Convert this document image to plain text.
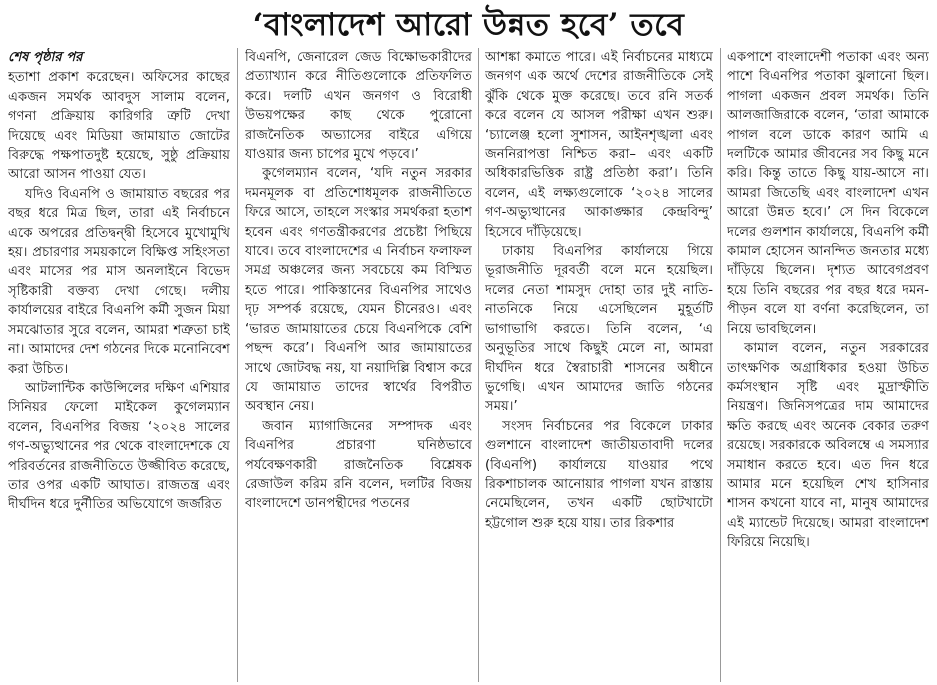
‘বাংলাদেশ আরো উন্নত হবে’ তবে

শেষ পৃষ্ঠার পর

হতাশা প্রকাশ করেছেন। অফিসের কাছের একজন সমর্থক আবদুস সালাম বলেন, গণনা প্রক্রিয়ায় কারিগরি ত্রুটি দেখা দিয়েছে এবং মিডিয়া জামায়াত জোটের বিরুদ্ধে পক্ষপাতদুষ্ট হয়েছে, সুষ্ঠু প্রক্রিয়ায় আরো আসন পাওয়া যেত।

যদিও বিএনপি ও জামায়াত বছরের পর বছর ধরে মিত্র ছিল, তারা এই নির্বাচনে একে অপরের প্রতিদ্বন্দ্বী হিসেবে মুখোমুখি হয়। প্রচারণার সময়কালে বিক্ষিপ্ত সহিংসতা এবং মাসের পর মাস অনলাইনে বিভেদ সৃষ্টিকারী বক্তব্য দেখা গেছে। দলীয় কার্যালয়ের বাইরে বিএনপি কর্মী সুজন মিয়া সমঝোতার সুরে বলেন, আমরা শত্রুতা চাই না। আমাদের দেশ গঠনের দিকে মনোনিবেশ করা উচিত।

আটলান্টিক কাউন্সিলের দক্ষিণ এশিয়ার সিনিয়র ফেলো মাইকেল কুগেলম্যান বলেন, বিএনপির বিজয় ‘২০২৪ সালের গণ-অভ্যুত্থানের পর থেকে বাংলাদেশকে যে পরিবর্তনের রাজনীতিতে উজ্জীবিত করেছে, তার ওপর একটি আঘাত। রাজতন্ত্র এবং দীর্ঘদিন ধরে দুর্নীতির অভিযোগে জর্জরিত

বিএনপি, জেনারেল জেড বিক্ষোভকারীদের প্রত্যাখ্যান করে নীতিগুলোকে প্রতিফলিত করে। দলটি এখন জনগণ ও বিরোধী উভয়পক্ষের কাছ থেকে পুরোনো রাজনৈতিক অভ্যাসের বাইরে এগিয়ে যাওয়ার জন্য চাপের মুখে পড়বে।’

কুগেলম্যান বলেন, ‘যদি নতুন সরকার দমনমূলক বা প্রতিশোধমূলক রাজনীতিতে ফিরে আসে, তাহলে সংস্কার সমর্থকরা হতাশ হবেন এবং গণতন্ত্রীকরণের প্রচেষ্টা পিছিয়ে যাবে। তবে বাংলাদেশের এ নির্বাচন ফলাফল সমগ্র অঞ্চলের জন্য সবচেয়ে কম বিস্মিত হতে পারে। পাকিস্তানের বিএনপির সাথেও দৃঢ় সম্পর্ক রয়েছে, যেমন চীনেরও। এবং ‘ভারত জামায়াতের চেয়ে বিএনপিকে বেশি পছন্দ করে’। বিএনপি আর জামায়াতের সাথে জোটবদ্ধ নয়, যা নয়াদিল্লি বিশ্বাস করে যে জামায়াত তাদের স্বার্থের বিপরীত অবস্থান নেয়।

জবান ম্যাগাজিনের সম্পাদক এবং বিএনপির প্রচারণা ঘনিষ্ঠভাবে পর্যবেক্ষণকারী রাজনৈতিক বিশ্লেষক রেজাউল করিম রনি বলেন, দলটির বিজয় বাংলাদেশে ডানপন্থীদের পতনের

আশঙ্কা কমাতে পারে। এই নির্বাচনের মাধ্যমে জনগণ এক অর্থে দেশের রাজনীতিকে সেই ঝুঁকি থেকে মুক্ত করেছে। তবে রনি সতর্ক করে বলেন যে আসল পরীক্ষা এখন শুরু। ‘চ্যালেঞ্জ হলো সুশাসন, আইনশৃঙ্খলা এবং জননিরাপত্তা নিশ্চিত করা– এবং একটি অধিকারভিত্তিক রাষ্ট্র প্রতিষ্ঠা করা’। তিনি বলেন, এই লক্ষ্যগুলোকে ‘২০২৪ সালের গণ-অভ্যুত্থানের আকাঙ্ক্ষার কেন্দ্রবিন্দু’ হিসেবে দাঁড়িয়েছে।

ঢাকায় বিএনপির কার্যালয়ে গিয়ে ভূরাজনীতি দূরবর্তী বলে মনে হয়েছিল। দলের নেতা শামসুদ দোহা তার দুই নাতি-নাতনিকে নিয়ে এসেছিলেন মুহূর্তটি ভাগাভাগি করতে। তিনি বলেন, ‘এ অনুভূতির সাথে কিছুই মেলে না, আমরা দীর্ঘদিন ধরে স্বৈরাচারী শাসনের অধীনে ভুগেছি। এখন আমাদের জাতি গঠনের সময়।’

সংসদ নির্বাচনের পর বিকেলে ঢাকার গুলশানে বাংলাদেশ জাতীয়তাবাদী দলের (বিএনপি) কার্যালয়ে যাওয়ার পথে রিকশাচালক আনোয়ার পাগলা যখন রাস্তায় নেমেছিলেন, তখন একটি ছোটখাটো হট্টগোল শুরু হয়ে যায়। তার রিকশার

একপাশে বাংলাদেশী পতাকা এবং অন্য পাশে বিএনপির পতাকা ঝুলানো ছিল। পাগলা একজন প্রবল সমর্থক। তিনি আলজাজিরাকে বলেন, ‘তারা আমাকে পাগল বলে ডাকে কারণ আমি এ দলটিকে আমার জীবনের সব কিছু মনে করি। কিন্তু তাতে কিছু যায়-আসে না। আমরা জিতেছি এবং বাংলাদেশ এখন আরো উন্নত হবে।’ সে দিন বিকেলে দলের গুলশান কার্যালয়ে, বিএনপি কর্মী কামাল হোসেন আনন্দিত জনতার মধ্যে দাঁড়িয়ে ছিলেন। দৃশ্যত আবেগপ্রবণ হয়ে তিনি বছরের পর বছর ধরে দমন-পীড়ন বলে যা বর্ণনা করেছিলেন, তা নিয়ে ভাবছিলেন।

কামাল বলেন, নতুন সরকারের তাৎক্ষণিক অগ্রাধিকার হওয়া উচিত কর্মসংস্থান সৃষ্টি এবং মুদ্রাস্ফীতি নিয়ন্ত্রণ। জিনিসপত্রের দাম আমাদের ক্ষতি করছে এবং অনেক বেকার তরুণ রয়েছে। সরকারকে অবিলম্বে এ সমস্যার সমাধান করতে হবে। এত দিন ধরে আমার মনে হয়েছিল শেখ হাসিনার শাসন কখনো যাবে না, মানুষ আমাদের এই ম্যান্ডেট দিয়েছে। আমরা বাংলাদেশ ফিরিয়ে নিয়েছি।
